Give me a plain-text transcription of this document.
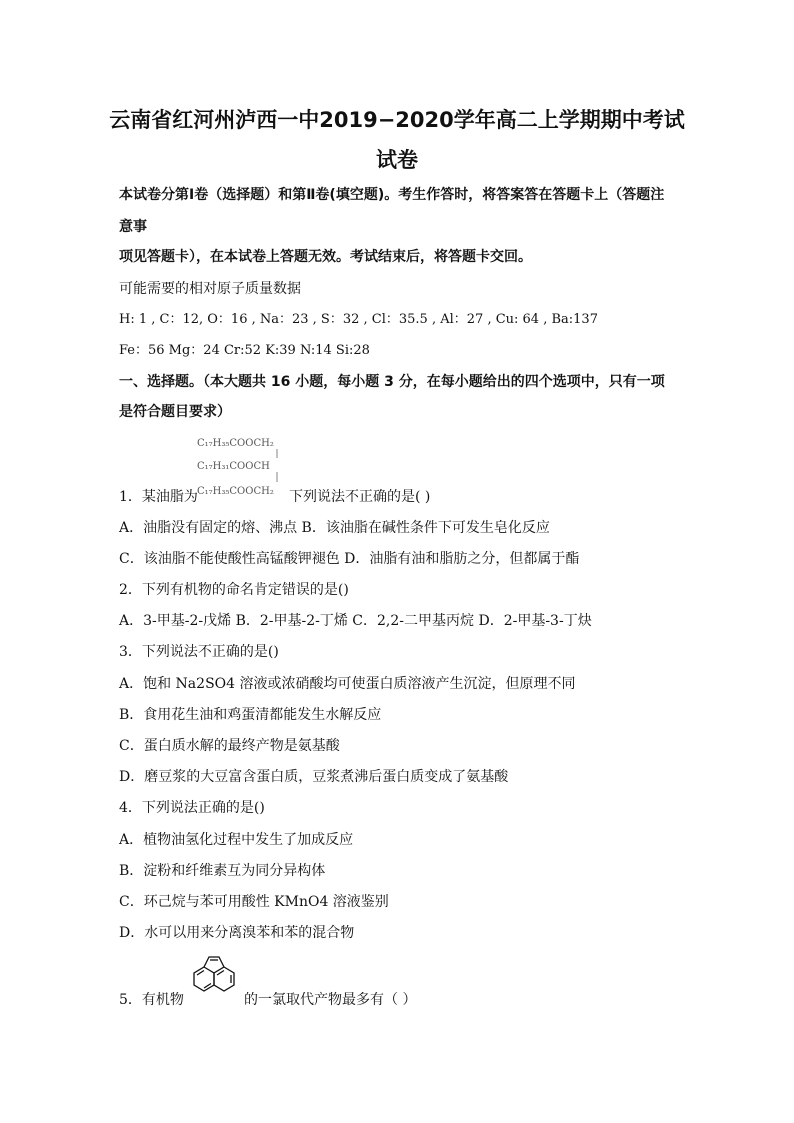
云南省红河州泸西一中2019−2020学年高二上学期期中考试
试卷
本试卷分第Ⅰ卷（选择题）和第Ⅱ卷(填空题)。考生作答时，将答案答在答题卡上（答题注
意事
项见答题卡），在本试卷上答题无效。考试结束后，将答题卡交回。
可能需要的相对原子质量数据
H: 1 , C：12, O：16 , Na：23 , S：32 , Cl：35.5 , Al：27 , Cu: 64 , Ba:137
Fe：56 Mg：24 Cr:52 K:39 N:14 Si:28
一、选择题。（本大题共 16 小题，每小题 3 分，在每小题给出的四个选项中，只有一项
是符合题目要求）
C₁₇H₃₅COOCH₂
C₁₇H₃₁COOCH
C₁₇H₃₅COOCH₂
1．某油脂为	下列说法不正确的是( )
A．油脂没有固定的熔、沸点 B．该油脂在碱性条件下可发生皂化反应
C．该油脂不能使酸性高锰酸钾褪色 D．油脂有油和脂肪之分，但都属于酯
2．下列有机物的命名肯定错误的是()
A．3-甲基-2-戊烯 B．2-甲基-2-丁烯 C．2,2-二甲基丙烷 D．2-甲基-3-丁炔
3．下列说法不正确的是()
A．饱和 Na2SO4 溶液或浓硝酸均可使蛋白质溶液产生沉淀，但原理不同
B．食用花生油和鸡蛋清都能发生水解反应
C．蛋白质水解的最终产物是氨基酸
D．磨豆浆的大豆富含蛋白质，豆浆煮沸后蛋白质变成了氨基酸
4．下列说法正确的是()
A．植物油氢化过程中发生了加成反应
B．淀粉和纤维素互为同分异构体
C．环己烷与苯可用酸性 KMnO4 溶液鉴别
D．水可以用来分离溴苯和苯的混合物
5．有机物	的一氯取代产物最多有（ ）
